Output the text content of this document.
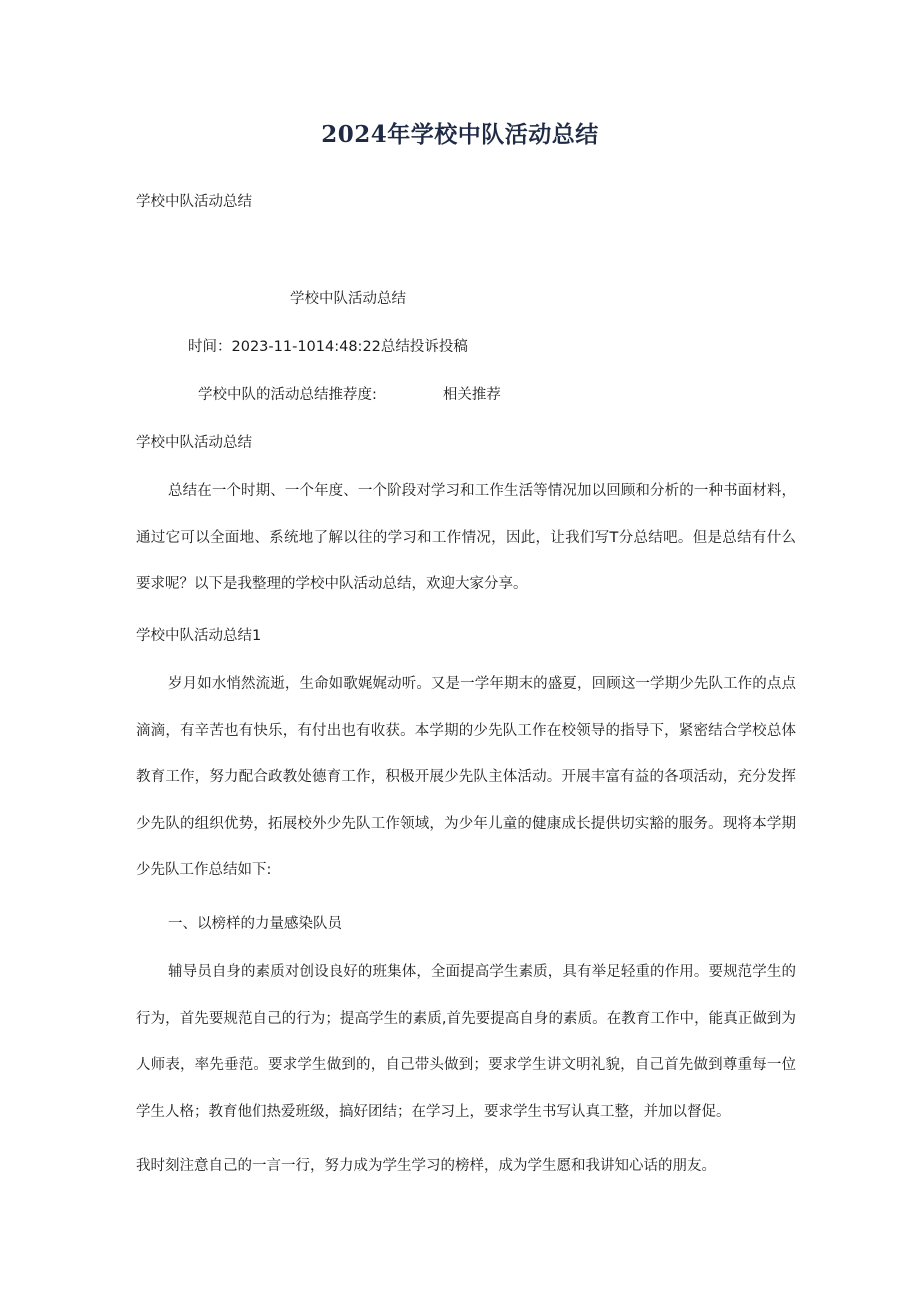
2024年学校中队活动总结
学校中队活动总结
学校中队活动总结
时间：2023-11-1014:48:22总结投诉投稿
学校中队的活动总结推荐度:	相关推荐
学校中队活动总结

总结在一个时期、一个年度、一个阶段对学习和工作生活等情况加以回顾和分析的一种书面材料，通过它可以全面地、系统地了解以往的学习和工作情况，因此，让我们写T分总结吧。但是总结有什么要求呢？以下是我整理的学校中队活动总结，欢迎大家分享。

学校中队活动总结1

岁月如水悄然流逝，生命如歌娓娓动听。又是一学年期末的盛夏，回顾这一学期少先队工作的点点滴滴，有辛苦也有快乐，有付出也有收获。本学期的少先队工作在校领导的指导下，紧密结合学校总体教育工作，努力配合政教处德育工作，积极开展少先队主体活动。开展丰富有益的各项活动，充分发挥少先队的组织优势，拓展校外少先队工作领域，为少年儿童的健康成长提供切实豁的服务。现将本学期少先队工作总结如下:

一、以榜样的力量感染队员

辅导员自身的素质对创设良好的班集体，全面提高学生素质，具有举足轻重的作用。要规范学生的行为，首先要规范自己的行为；提高学生的素质,首先要提高自身的素质。在教育工作中，能真正做到为人师表，率先垂范。要求学生做到的，自己带头做到；要求学生讲文明礼貌，自己首先做到尊重每一位学生人格；教育他们热爱班级，搞好团结；在学习上，要求学生书写认真工整，并加以督促。

我时刻注意自己的一言一行，努力成为学生学习的榜样，成为学生愿和我讲知心话的朋友。
